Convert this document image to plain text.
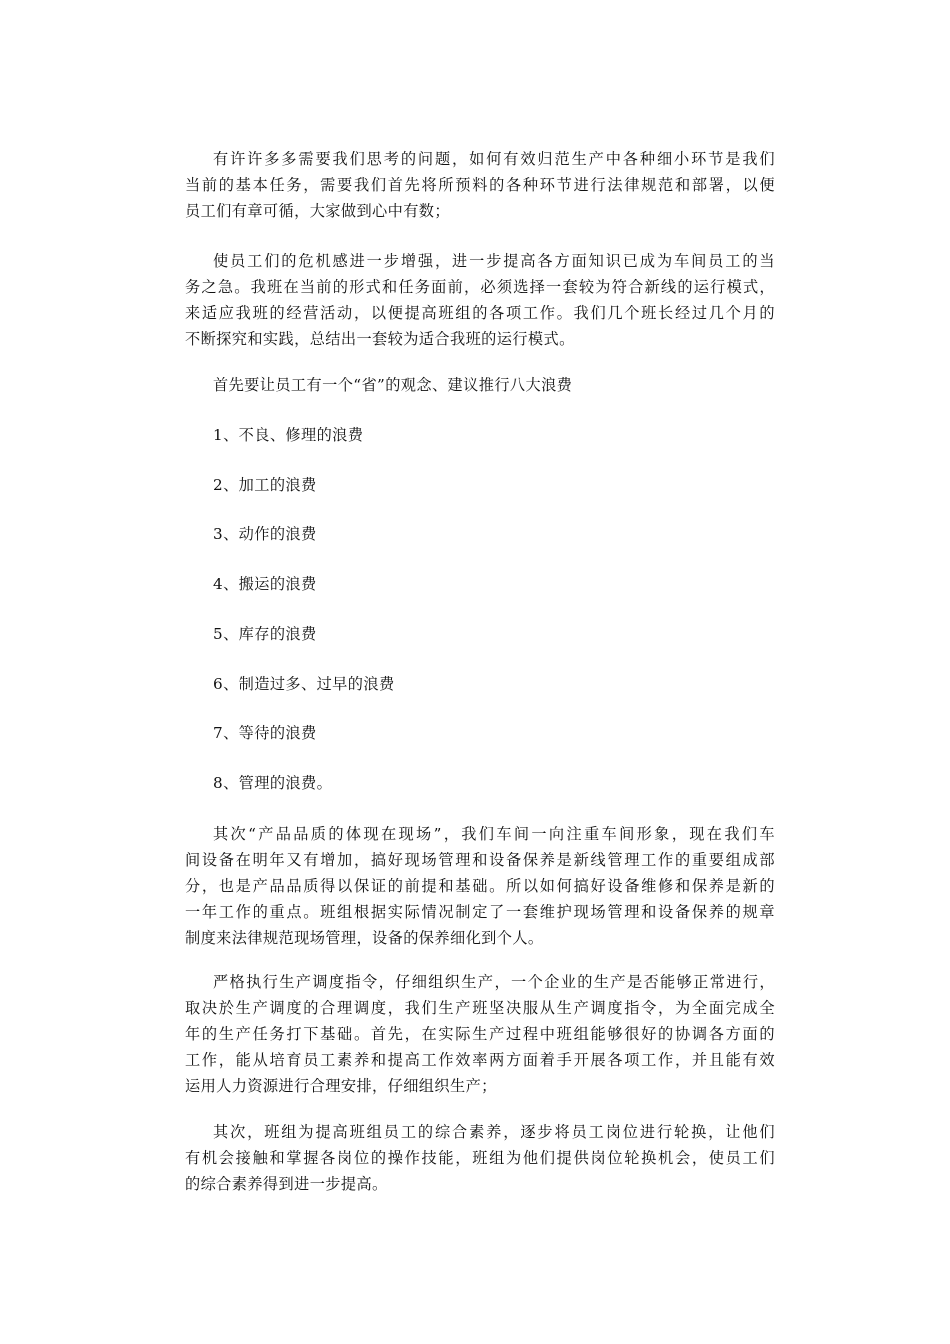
有许许多多需要我们思考的问题，如何有效归范生产中各种细小环节是我们
当前的基本任务，需要我们首先将所预料的各种环节进行法律规范和部署，以便
员工们有章可循，大家做到心中有数；
使员工们的危机感进一步增强，进一步提高各方面知识已成为车间员工的当
务之急。我班在当前的形式和任务面前，必须选择一套较为符合新线的运行模式，
来适应我班的经营活动，以便提高班组的各项工作。我们几个班长经过几个月的
不断探究和实践，总结出一套较为适合我班的运行模式。

首先要让员工有一个“省”的观念、建议推行八大浪费

1、不良、修理的浪费

2、加工的浪费

3、动作的浪费

4、搬运的浪费

5、库存的浪费

6、制造过多、过早的浪费

7、等待的浪费

8、管理的浪费。

其次“产品品质的体现在现场”，我们车间一向注重车间形象，现在我们车
间设备在明年又有增加，搞好现场管理和设备保养是新线管理工作的重要组成部
分，也是产品品质得以保证的前提和基础。所以如何搞好设备维修和保养是新的
一年工作的重点。班组根据实际情况制定了一套维护现场管理和设备保养的规章
制度来法律规范现场管理，设备的保养细化到个人。
严格执行生产调度指令，仔细组织生产，一个企业的生产是否能够正常进行，
取决於生产调度的合理调度，我们生产班坚决服从生产调度指令，为全面完成全
年的生产任务打下基础。首先，在实际生产过程中班组能够很好的协调各方面的
工作，能从培育员工素养和提高工作效率两方面着手开展各项工作，并且能有效
运用人力资源进行合理安排，仔细组织生产；
其次，班组为提高班组员工的综合素养，逐步将员工岗位进行轮换，让他们
有机会接触和掌握各岗位的操作技能，班组为他们提供岗位轮换机会，使员工们
的综合素养得到进一步提高。
